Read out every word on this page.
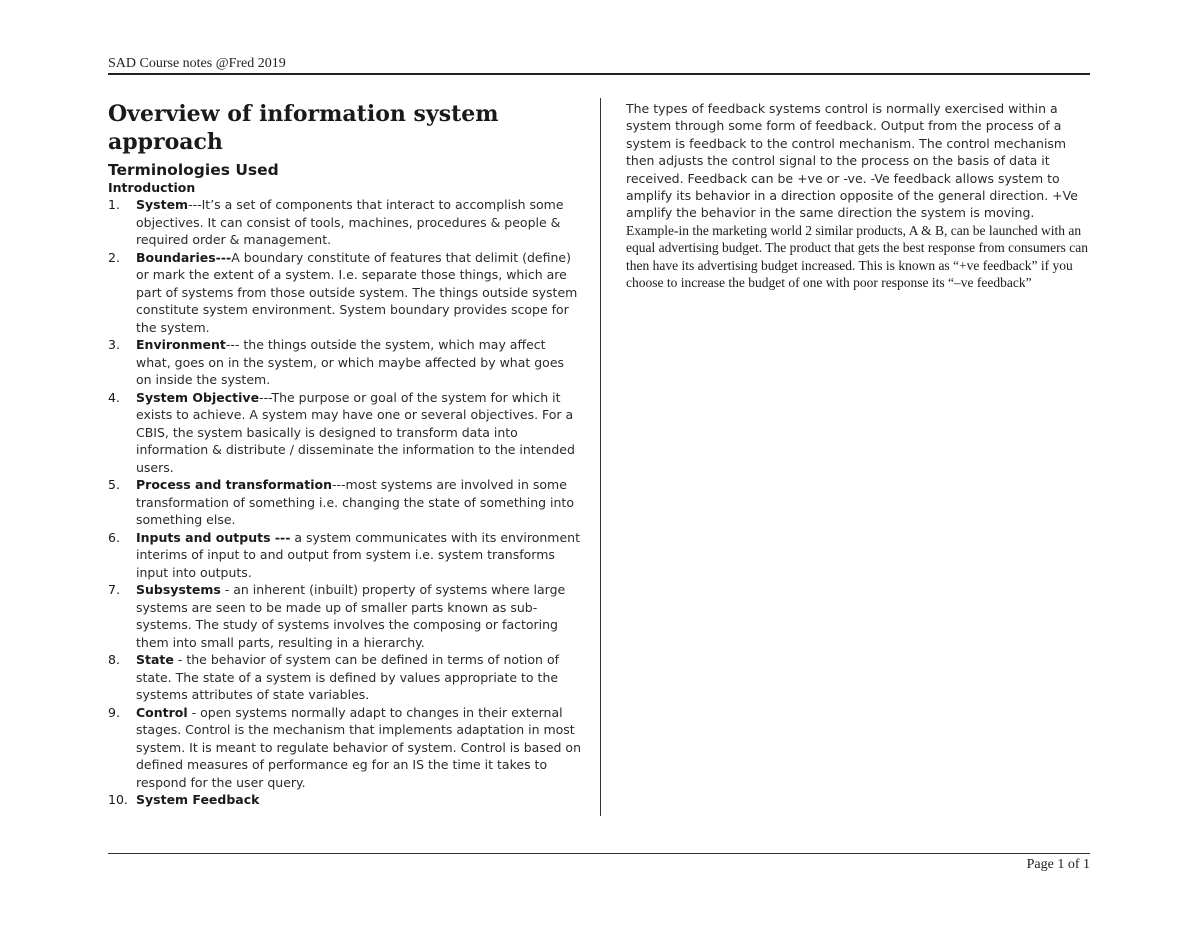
SAD Course notes @Fred 2019
Overview of information system approach
Terminologies Used
Introduction
1. System---It’s a set of components that interact to accomplish some objectives. It can consist of tools, machines, procedures & people & required order & management.
2. Boundaries---A boundary constitute of features that delimit (define) or mark the extent of a system. I.e. separate those things, which are part of systems from those outside system. The things outside system constitute system environment. System boundary provides scope for the system.
3. Environment--- the things outside the system, which may affect what, goes on in the system, or which maybe affected by what goes on inside the system.
4. System Objective---The purpose or goal of the system for which it exists to achieve. A system may have one or several objectives. For a CBIS, the system basically is designed to transform data into information & distribute / disseminate the information to the intended users.
5. Process and transformation---most systems are involved in some transformation of something i.e. changing the state of something into something else.
6. Inputs and outputs --- a system communicates with its environment interims of input to and output from system i.e. system transforms input into outputs.
7. Subsystems - an inherent (inbuilt) property of systems where large systems are seen to be made up of smaller parts known as sub-systems. The study of systems involves the composing or factoring them into small parts, resulting in a hierarchy.
8. State - the behavior of system can be defined in terms of notion of state. The state of a system is defined by values appropriate to the systems attributes of state variables.
9. Control - open systems normally adapt to changes in their external stages. Control is the mechanism that implements adaptation in most system. It is meant to regulate behavior of system. Control is based on defined measures of performance eg for an IS the time it takes to respond for the user query.
10. System Feedback

The types of feedback systems control is normally exercised within a system through some form of feedback. Output from the process of a system is feedback to the control mechanism. The control mechanism then adjusts the control signal to the process on the basis of data it received. Feedback can be +ve or -ve. -Ve feedback allows system to amplify its behavior in a direction opposite of the general direction. +Ve amplify the behavior in the same direction the system is moving.

Example-in the marketing world 2 similar products, A & B, can be launched with an equal advertising budget. The product that gets the best response from consumers can then have its advertising budget increased. This is known as “+ve feedback” if you choose to increase the budget of one with poor response its “–ve feedback”

Page 1 of 1
